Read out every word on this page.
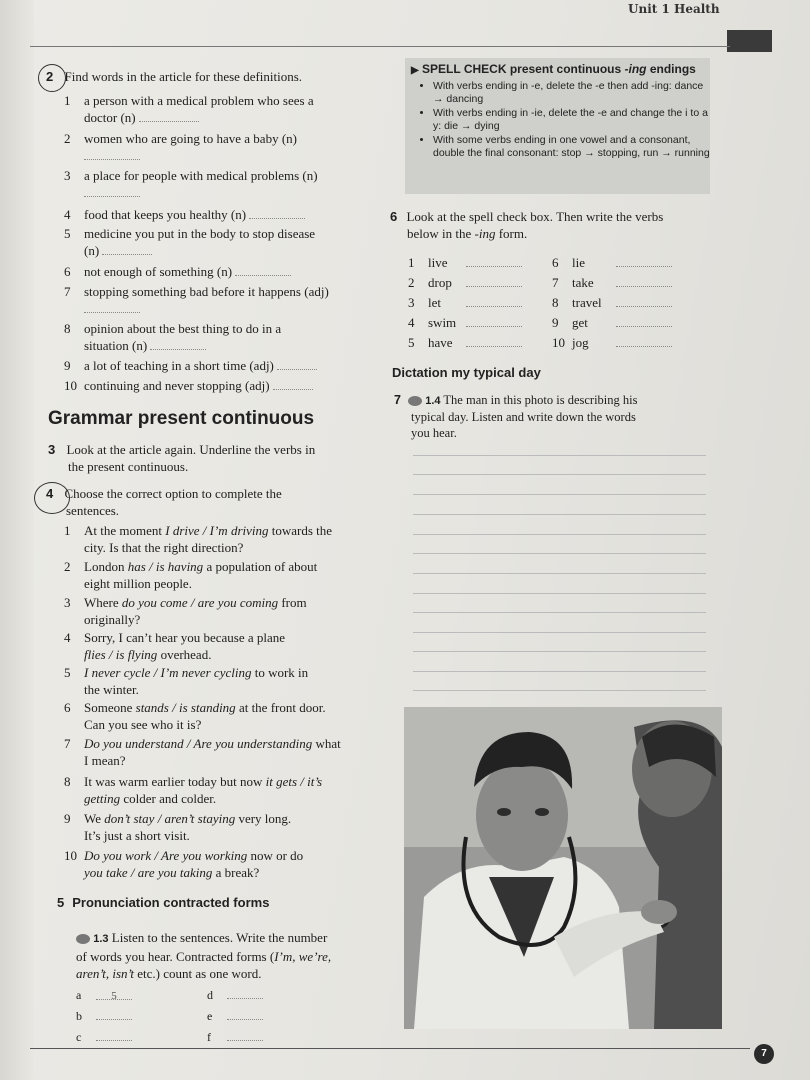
Unit 1 Health
2 Find words in the article for these definitions.
1 a person with a medical problem who sees a
doctor (n)
2 women who are going to have a baby (n)

3 a place for people with medical problems (n)

4 food that keeps you healthy (n)
5 medicine you put in the body to stop disease
(n)
6 not enough of something (n)
7 stopping something bad before it happens (adj)

8 opinion about the best thing to do in a
situation (n)
9 a lot of teaching in a short time (adj)
10 continuing and never stopping (adj)
Grammar present continuous
3 Look at the article again. Underline the verbs in
the present continuous.
4 Choose the correct option to complete the
sentences.
1 At the moment I drive / I’m driving towards the
city. Is that the right direction?
2 London has / is having a population of about
eight million people.
3 Where do you come / are you coming from
originally?
4 Sorry, I can’t hear you because a plane
flies / is flying overhead.
5 I never cycle / I’m never cycling to work in
the winter.
6 Someone stands / is standing at the front door.
Can you see who it is?
7 Do you understand / Are you understanding what
I mean?
8 It was warm earlier today but now it gets / it’s
getting colder and colder.
9 We don’t stay / aren’t staying very long.
It’s just a short visit.
10 Do you work / Are you working now or do
you take / are you taking a break?
5 Pronunciation contracted forms
1.3 Listen to the sentences. Write the number
of words you hear. Contracted forms (I’m, we’re,
aren’t, isn’t etc.) count as one word.
a	5	d
b	e
c	f
▶ SPELL CHECK present continuous -ing endings
• With verbs ending in -e, delete the -e then add -ing: dance → dancing
• With verbs ending in -ie, delete the -e and change the i to a y: die → dying
• With some verbs ending in one vowel and a consonant, double the final consonant: stop → stopping, run → running
6 Look at the spell check box. Then write the verbs
below in the -ing form.
1 live	6 lie
2 drop	7 take
3 let	8 travel
4 swim	9 get
5 have	10 jog
Dictation my typical day
7 1.4 The man in this photo is describing his
typical day. Listen and write down the words
you hear.
7
